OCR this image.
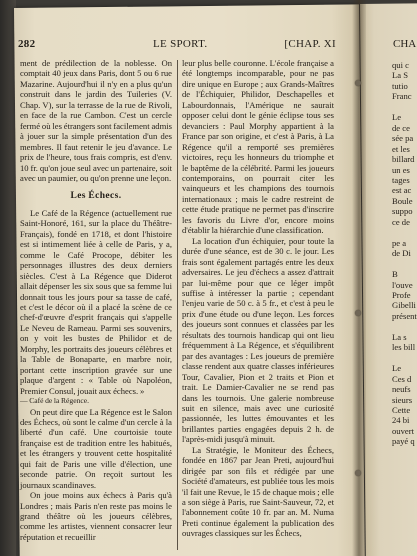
282	LE SPORT.	[CHAP. XI

ment de prédilection de la noblesse. On comptait 40 jeux dans Paris, dont 5 ou 6 rue Mazarine. Aujourd'hui il n'y en a plus qu'un construit dans le jardin des Tuileries (V. Chap. V), sur la terrasse de la rue de Rivoli, en face de la rue Cambon. C'est un cercle fermé où les étrangers sont facilement admis à jouer sur la simple présentation d'un des membres. Il faut retenir le jeu d'avance. Le prix de l'heure, tous frais compris, est d'env. 10 fr. qu'on joue seul avec un partenaire, soit avec un paumier, ou qu'on prenne une leçon.

Les Échecs.

Le Café de la Régence (actuellement rue Saint-Honoré, 161, sur la place du Théâtre-Français), fondé en 1718, et dont l'histoire est si intimement liée à celle de Paris, y a, comme le Café Procope, débiter les personnages illustres des deux derniers siècles. C'est à La Régence que Diderot allait dépenser les six sous que sa femme lui donnait tous les jours pour sa tasse de café, et c'est le décor où il a placé la scène de ce chef-d'œuvre d'esprit français qui s'appelle Le Neveu de Rameau. Parmi ses souvenirs, on y voit les bustes de Philidor et de Morphy, les portraits des joueurs célèbres et la Table de Bonaparte, en marbre noir, portant cette inscription gravée sur une plaque d'argent : « Table où Napoléon, Premier Consul, jouait aux échecs. »

— Café de la Régence.

On peut dire que La Régence est le Salon des Échecs, où sont le calme d'un cercle à la liberté d'un café. Une courtoisie toute française est de tradition entre les habitués, et les étrangers y trouvent cette hospitalité qui fait de Paris une ville d'élection, une seconde patrie. On reçoit surtout les journaux scandinaves.

On joue moins aux échecs à Paris qu'à Londres ; mais Paris n'en reste pas moins le grand théâtre où les joueurs célèbres, comme les artistes, viennent consacrer leur réputation et recueillir

leur plus belle couronne. L'école française a été longtemps incomparable, pour ne pas dire unique en Europe ; aux Grands-Maîtres de l'Échiquier, Philidor, Deschapelles et Labourdonnais, l'Amérique ne saurait opposer celui dont le génie éclipse tous ses devanciers : Paul Morphy appartient à la France par son origine, et c'est à Paris, à La Régence qu'il a remporté ses premières victoires, reçu les honneurs du triomphe et le baptême de la célébrité. Parmi les joueurs contemporains, on pourrait citer les vainqueurs et les champions des tournois internationaux ; mais le cadre restreint de cette étude pratique ne permet pas d'inscrire les favoris du Livre d'or, encore moins d'établir la hiérarchie d'une classification.

La location d'un échiquier, pour toute la durée d'une séance, est de 30 c. le jour. Les frais sont également partagés entre les deux adversaires. Le jeu d'échecs a assez d'attrait par lui-même pour que ce léger impôt suffise à intéresser la partie ; cependant l'enjeu varie de 50 c. à 5 fr., et c'est à peu le prix d'une étude ou d'une leçon. Les forces des joueurs sont connues et classées par les résultats des tournois handicap qui ont lieu fréquemment à La Régence, et s'équilibrent par des avantages : Les joueurs de première classe rendent aux quatre classes inférieures Tour, Cavalier, Pion et 2 traits et Pion et trait. Le Damier-Cavalier ne se rend pas dans les tournois. Une galerie nombreuse suit en silence, mais avec une curiosité passionnée, les luttes émouvantes et les brillantes parties engagées depuis 2 h. de l'après-midi jusqu'à minuit.

La Stratégie, le Moniteur des Échecs, fondée en 1867 par Jean Preti, aujourd'hui dirigée par son fils et rédigée par une Société d'amateurs, est publiée tous les mois 'il fait une Revue, le 15 de chaque mois ; elle a son siège à Paris, rue Saint-Sauveur, 72, et l'abonnement coûte 10 fr. par an. M. Numa Preti continue également la publication des ouvrages classiques sur les Échecs,

CHA
qui c
La S
tutio
Franc

Le
de ce
sée pa
et les
billard
un es
tages
est ac
Boule
suppo
ce de

pe a
de Di

B
l'ouve
Profe
Gibelli
présent

La s
les bill

Le
Ces d
neufs
sieurs
Cette
24 bi
ouvert
payé q
